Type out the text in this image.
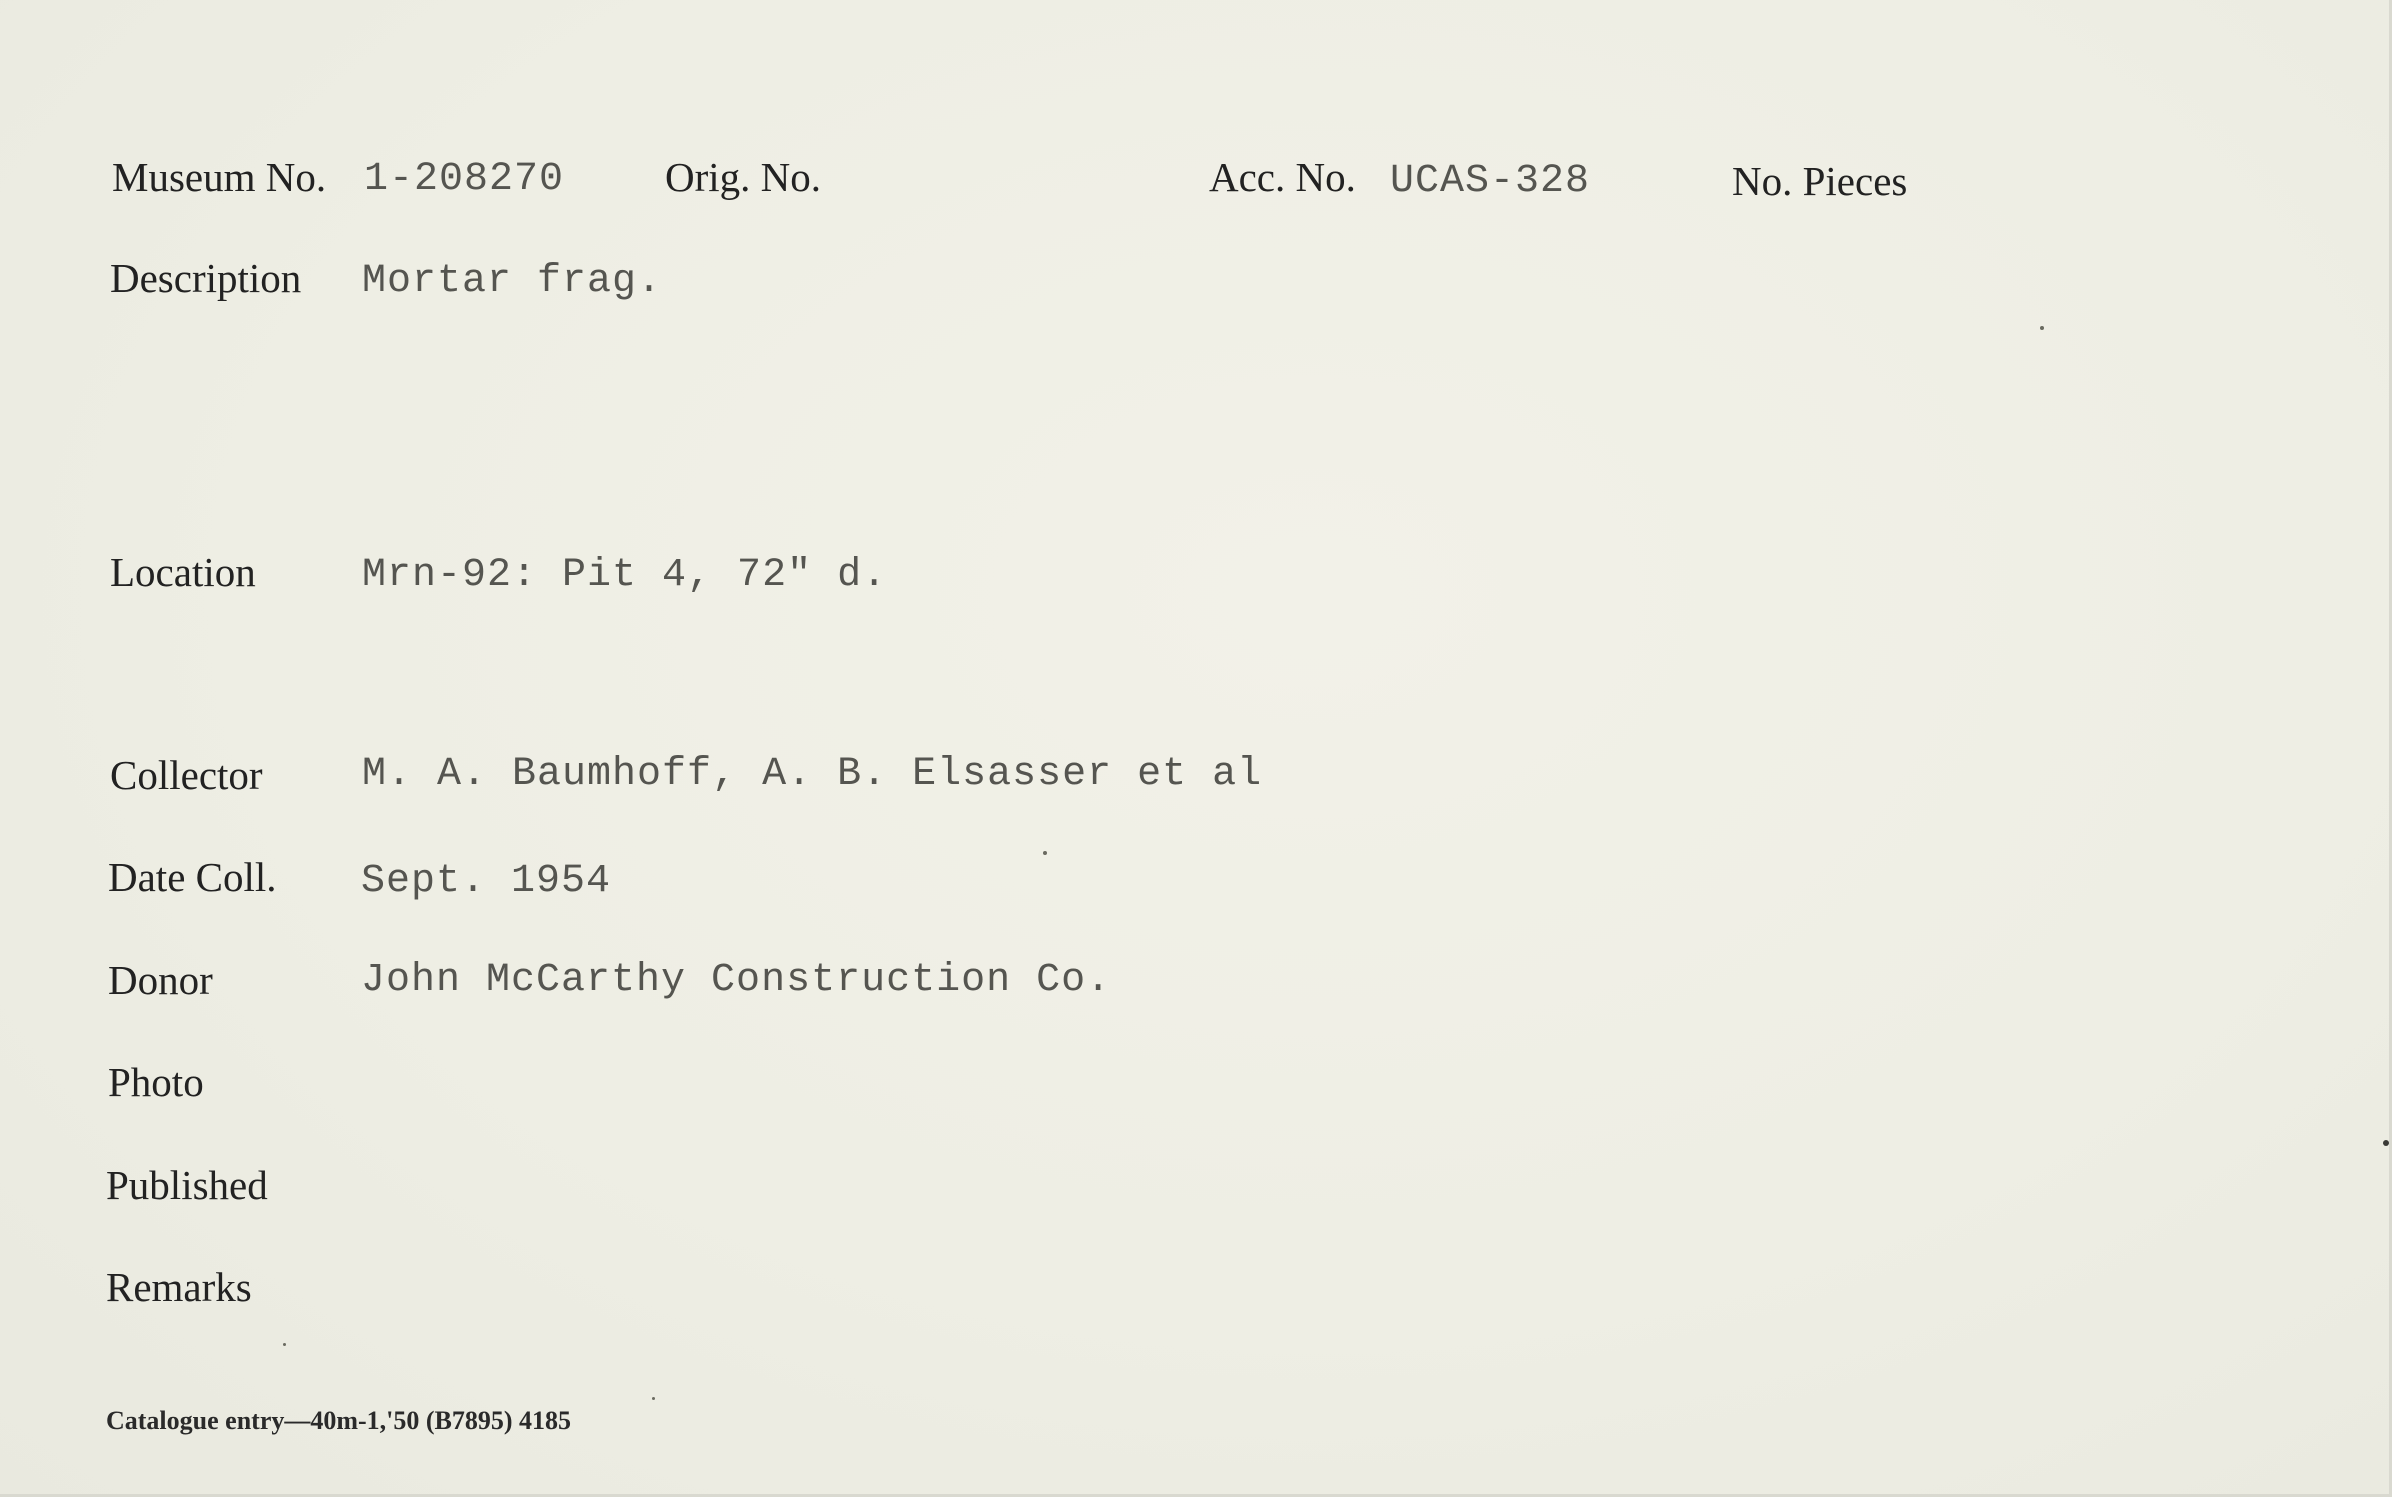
Museum No. 1-208270 Orig. No.	Acc. No. UCAS-328	No. Pieces
Description Mortar frag.
Location	Mrn-92: Pit 4, 72" d.
Collector M. A. Baumhoff, A. B. Elsasser et al
Date Coll. Sept. 1954
Donor	John McCarthy Construction Co.
Photo
Published
Remarks
Catalogue entry—40m-1,'50 (B7895) 4185
